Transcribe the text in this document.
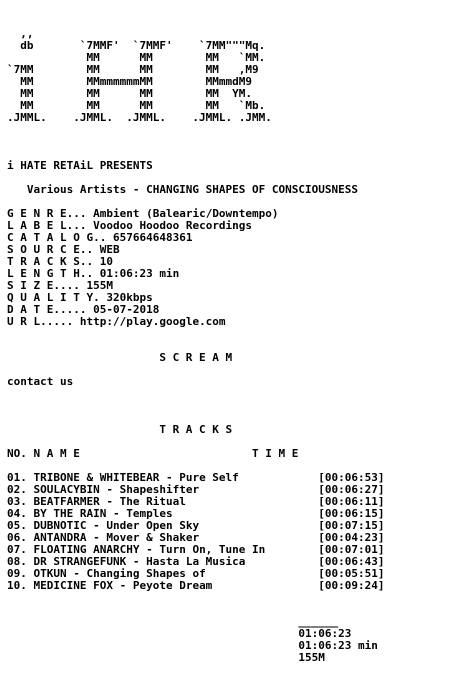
,,
db       `7MMF'  `7MMF'    `7MM"""Mq.
MM      MM        MM   `MM.
`7MM        MM      MM        MM   ,M9
MM        MMmmmmmmMM        MMmmdM9
MM        MM      MM        MM  YM.
MM        MM      MM        MM   `Mb.
.JMML.    .JMML.  .JMML.    .JMML. .JMM.
i HATE RETAiL PRESENTS
Various Artists - CHANGING SHAPES OF CONSCIOUSNESS
G E N R E... Ambient (Balearic/Downtempo)
L A B E L... Voodoo Hoodoo Recordings
C A T A L O G.. 657664648361
S O U R C E.. WEB
T R A C K S.. 10
L E N G T H.. 01:06:23 min
S I Z E.... 155M
Q U A L I T Y. 320kbps
D A T E..... 05-07-2018
U R L..... http://play.google.com
S C R E A M
contact us
T R A C K S
NO. N A M E	T I M E
01. TRIBONE & WHITEBEAR - Pure Self	[00:06:53]
02. SOULACYBIN - Shapeshifter	[00:06:27]
03. BEATFARMER - The Ritual	[00:06:11]
04. BY THE RAIN - Temples	[00:06:15]
05. DUBNOTIC - Under Open Sky	[00:07:15]
06. ANTANDRA - Mover & Shaker	[00:04:23]
07. FLOATING ANARCHY - Turn On, Tune In	[00:07:01]
08. DR STRANGEFUNK - Hasta La Musica	[00:06:43]
09. OTKUN - Changing Shapes of	[00:05:51]
10. MEDICINE FOX - Peyote Dream	[00:09:24]
______
01:06:23
01:06:23 min
155M
